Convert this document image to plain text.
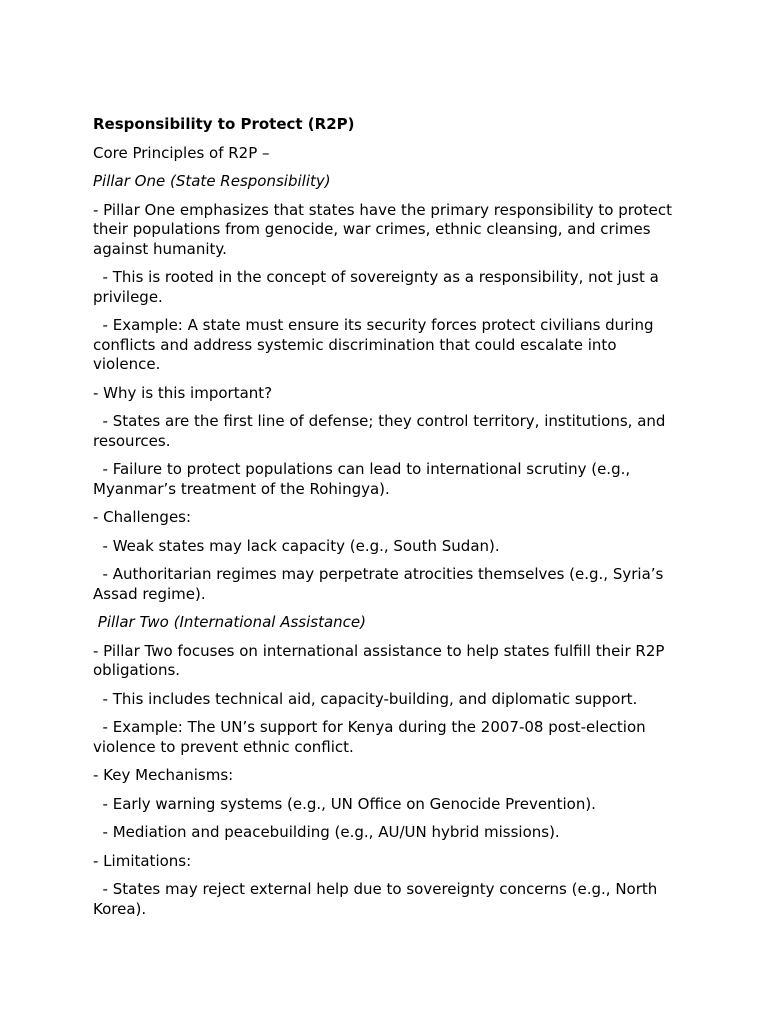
Responsibility to Protect (R2P)

Core Principles of R2P –

Pillar One (State Responsibility)

- Pillar One emphasizes that states have the primary responsibility to protect their populations from genocide, war crimes, ethnic cleansing, and crimes against humanity.

- This is rooted in the concept of sovereignty as a responsibility, not just a privilege.

- Example: A state must ensure its security forces protect civilians during conflicts and address systemic discrimination that could escalate into violence.

- Why is this important?

- States are the first line of defense; they control territory, institutions, and resources.

- Failure to protect populations can lead to international scrutiny (e.g., Myanmar’s treatment of the Rohingya).

- Challenges:

- Weak states may lack capacity (e.g., South Sudan).

- Authoritarian regimes may perpetrate atrocities themselves (e.g., Syria’s Assad regime).

Pillar Two (International Assistance)

- Pillar Two focuses on international assistance to help states fulfill their R2P obligations.

- This includes technical aid, capacity-building, and diplomatic support.

- Example: The UN’s support for Kenya during the 2007-08 post-election violence to prevent ethnic conflict.

- Key Mechanisms:

- Early warning systems (e.g., UN Office on Genocide Prevention).

- Mediation and peacebuilding (e.g., AU/UN hybrid missions).

- Limitations:

- States may reject external help due to sovereignty concerns (e.g., North Korea).
